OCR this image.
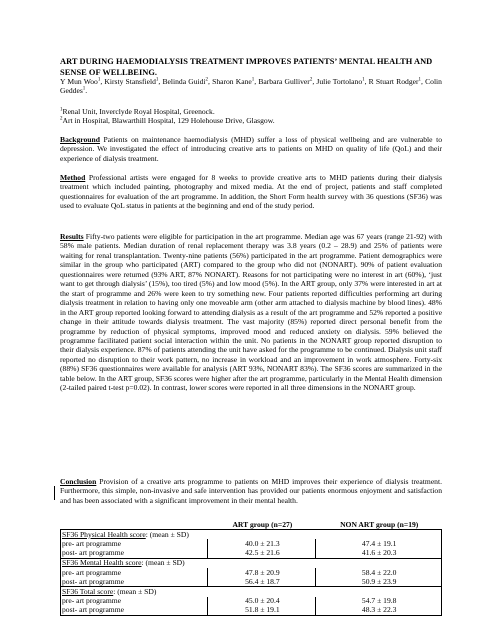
ART DURING HAEMODIALYSIS TREATMENT IMPROVES PATIENTS’ MENTAL HEALTH AND SENSE OF WELLBEING.
Y Mun Woo$^1$, Kirsty Stansfield$^1$, Belinda Guidi$^2$, Sharon Kane$^1$, Barbara Gulliver$^2$, Julie Tortolano$^1$, R Stuart Rodger$^1$, Colin Geddes$^1$.
$^1$Renal Unit, Inverclyde Royal Hospital, Greenock.
$^2$Art in Hospital, Blawarthill Hospital, 129 Holehouse Drive, Glasgow.
Background Patients on maintenance haemodialysis (MHD) suffer a loss of physical wellbeing and are vulnerable to depression. We investigated the effect of introducing creative arts to patients on MHD on quality of life (QoL) and their experience of dialysis treatment.
Method Professional artists were engaged for 8 weeks to provide creative arts to MHD patients during their dialysis treatment which included painting, photography and mixed media. At the end of project, patients and staff completed questionnaires for evaluation of the art programme. In addition, the Short Form health survey with 36 questions (SF36) was used to evaluate QoL status in patients at the beginning and end of the study period.
Results Fifty-two patients were eligible for participation in the art programme. Median age was 67 years (range 21-92) with 58% male patients. Median duration of renal replacement therapy was 3.8 years (0.2 – 28.9) and 25% of patients were waiting for renal transplantation. Twenty-nine patients (56%) participated in the art programme. Patient demographics were similar in the group who participated (ART) compared to the group who did not (NONART). 90% of patient evaluation questionnaires were returned (93% ART, 87% NONART). Reasons for not participating were no interest in art (60%), ‘just want to get through dialysis’ (15%), too tired (5%) and low mood (5%). In the ART group, only 37% were interested in art at the start of programme and 26% were keen to try something new. Four patients reported difficulties performing art during dialysis treatment in relation to having only one moveable arm (other arm attached to dialysis machine by blood lines). 48% in the ART group reported looking forward to attending dialysis as a result of the art programme and 52% reported a positive change in their attitude towards dialysis treatment. The vast majority (85%) reported direct personal benefit from the programme by reduction of physical symptoms, improved mood and reduced anxiety on dialysis. 59% believed the programme facilitated patient social interaction within the unit. No patients in the NONART group reported disruption to their dialysis experience. 87% of patients attending the unit have asked for the programme to be continued. Dialysis unit staff reported no disruption to their work pattern, no increase in workload and an improvement in work atmosphere. Forty-six (88%) SF36 questionnaires were available for analysis (ART 93%, NONART 83%). The SF36 scores are summarized in the table below. In the ART group, SF36 scores were higher after the art programme, particularly in the Mental Health dimension (2-tailed paired t-test p=0.02). In contrast, lower scores were reported in all three dimensions in the NONART group.
Conclusion Provision of a creative arts programme to patients on MHD improves their experience of dialysis treatment. Furthermore, this simple, non-invasive and safe intervention has provided our patients enormous enjoyment and satisfaction and has been associated with a significant improvement in their mental health.
	ART group (n=27)	NON ART group (n=19)
SF36 Physical Health score: (mean ± SD)		
pre- art programme	40.0 ± 21.3	47.4 ± 19.1
post- art programme	42.5 ± 21.6	41.6 ± 20.3
SF36 Mental Health score: (mean ± SD)		
pre- art programme	47.8 ± 20.9	58.4 ± 22.0
post- art programme	56.4 ± 18.7	50.9 ± 23.9
SF36 Total score: (mean ± SD)		
pre- art programme	45.0 ± 20.4	54.7 ± 19.8
post- art programme	51.8 ± 19.1	48.3 ± 22.3
